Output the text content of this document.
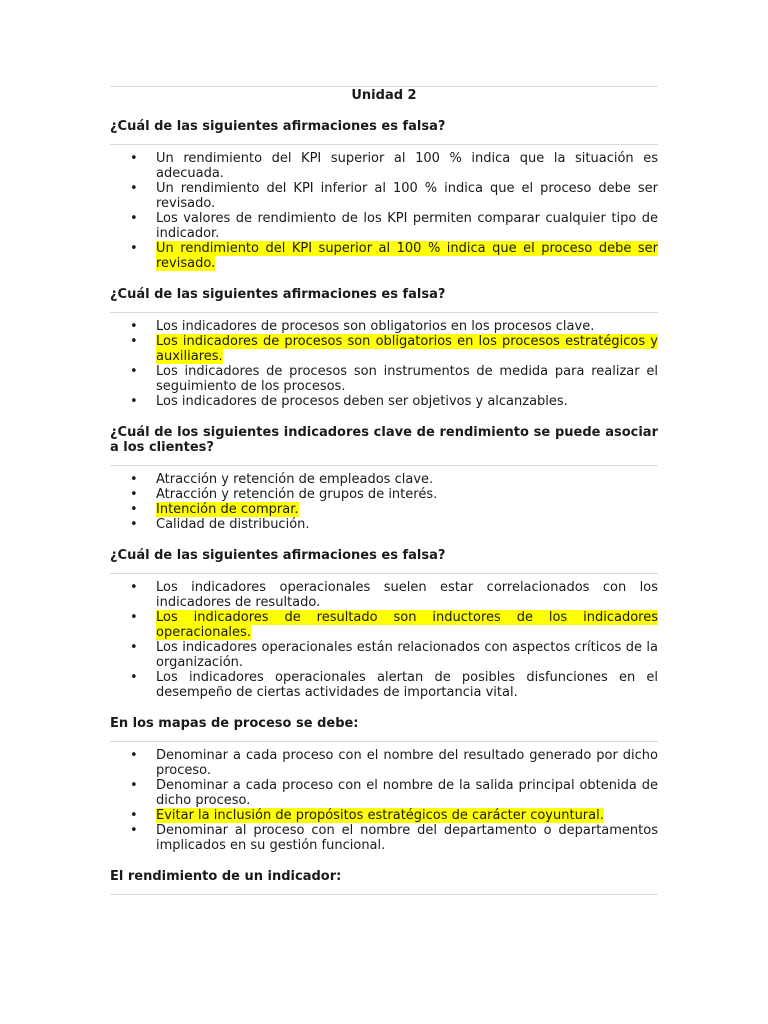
Unidad 2
¿Cuál de las siguientes afirmaciones es falsa?
• Un rendimiento del KPI superior al 100 % indica que la situación es adecuada.
• Un rendimiento del KPI inferior al 100 % indica que el proceso debe ser revisado.
• Los valores de rendimiento de los KPI permiten comparar cualquier tipo de indicador.
• Un rendimiento del KPI superior al 100 % indica que el proceso debe ser revisado.
¿Cuál de las siguientes afirmaciones es falsa?
• Los indicadores de procesos son obligatorios en los procesos clave.
• Los indicadores de procesos son obligatorios en los procesos estratégicos y auxiliares.
• Los indicadores de procesos son instrumentos de medida para realizar el seguimiento de los procesos.
• Los indicadores de procesos deben ser objetivos y alcanzables.
¿Cuál de los siguientes indicadores clave de rendimiento se puede asociar a los clientes?
• Atracción y retención de empleados clave.
• Atracción y retención de grupos de interés.
• Intención de comprar.
• Calidad de distribución.
¿Cuál de las siguientes afirmaciones es falsa?
• Los indicadores operacionales suelen estar correlacionados con los indicadores de resultado.
• Los indicadores de resultado son inductores de los indicadores operacionales.
• Los indicadores operacionales están relacionados con aspectos críticos de la organización.
• Los indicadores operacionales alertan de posibles disfunciones en el desempeño de ciertas actividades de importancia vital.
En los mapas de proceso se debe:
• Denominar a cada proceso con el nombre del resultado generado por dicho proceso.
• Denominar a cada proceso con el nombre de la salida principal obtenida de dicho proceso.
• Evitar la inclusión de propósitos estratégicos de carácter coyuntural.
• Denominar al proceso con el nombre del departamento o departamentos implicados en su gestión funcional.
El rendimiento de un indicador:
